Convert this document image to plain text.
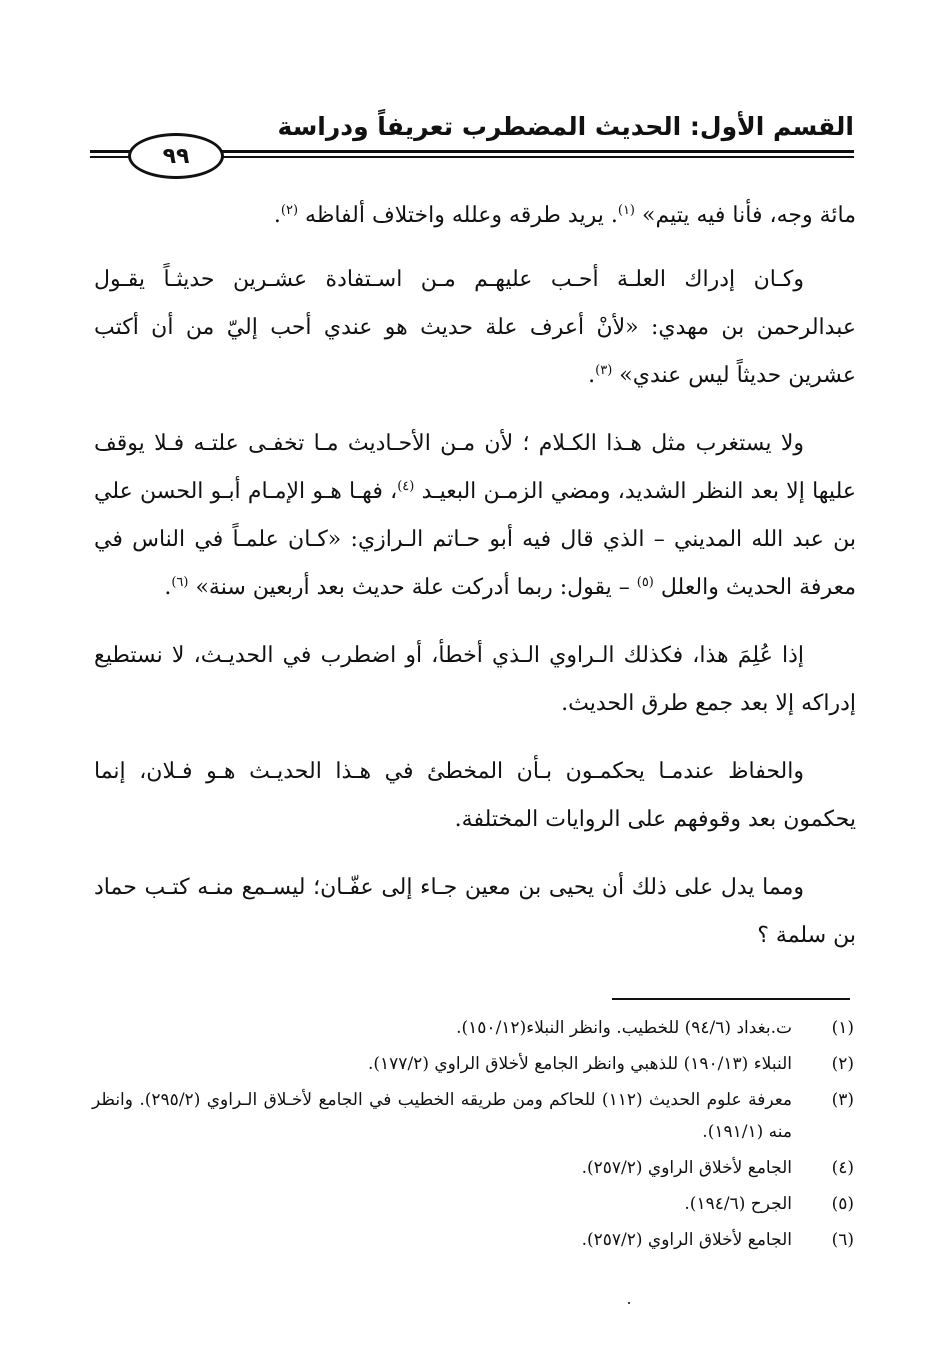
القسم الأول: الحديث المضطرب تعريفاً ودراسة
٩٩

مائة وجه، فأنا فيه يتيم» $^{(١)}$. يريد طرقه وعلله واختلاف ألفاظه $^{(٢)}$.

وكـان إدراك العلـة أحـب عليهـم مـن اسـتفادة عشـرين حديثـاً يقـول عبدالرحمن بن مهدي: «لأنْ أعرف علة حديث هو عندي أحب إليّ من أن أكتب عشرين حديثاً ليس عندي» $^{(٣)}$.

ولا يستغرب مثل هـذا الكـلام ؛ لأن مـن الأحـاديث مـا تخفـى علتـه فـلا يوقف عليها إلا بعد النظر الشديد، ومضي الزمـن البعيـد $^{(٤)}$، فهـا هـو الإمـام أبـو الحسن علي بن عبد الله المديني – الذي قال فيه أبو حـاتم الـرازي: «كـان علمـاً في الناس في معرفة الحديث والعلل $^{(٥)}$ – يقول: ربما أدركت علة حديث بعد أربعين سنة» $^{(٦)}$.

إذا عُلِمَ هذا، فكذلك الـراوي الـذي أخطأ، أو اضطرب في الحديـث، لا نستطيع إدراكه إلا بعد جمع طرق الحديث.

والحفاظ عندمـا يحكمـون بـأن المخطئ في هـذا الحديـث هـو فـلان، إنما يحكمون بعد وقوفهم على الروايات المختلفة.

ومما يدل على ذلك أن يحيى بن معين جـاء إلى عفّـان؛ ليسـمع منـه كتـب حماد بن سلمة ؟

(١)
ت.بغداد (٩٤/٦) للخطيب. وانظر النبلاء(١٥٠/١٢).
(٢)
النبلاء (١٩٠/١٣) للذهبي وانظر الجامع لأخلاق الراوي (١٧٧/٢).
(٣)
معرفة علوم الحديث (١١٢) للحاكم ومن طريقه الخطيب في الجامع لأخـلاق الـراوي (٢٩٥/٢). وانظر منه (١٩١/١).
(٤)
الجامع لأخلاق الراوي (٢٥٧/٢).
(٥)
الجرح (١٩٤/٦).
(٦)
الجامع لأخلاق الراوي (٢٥٧/٢).
